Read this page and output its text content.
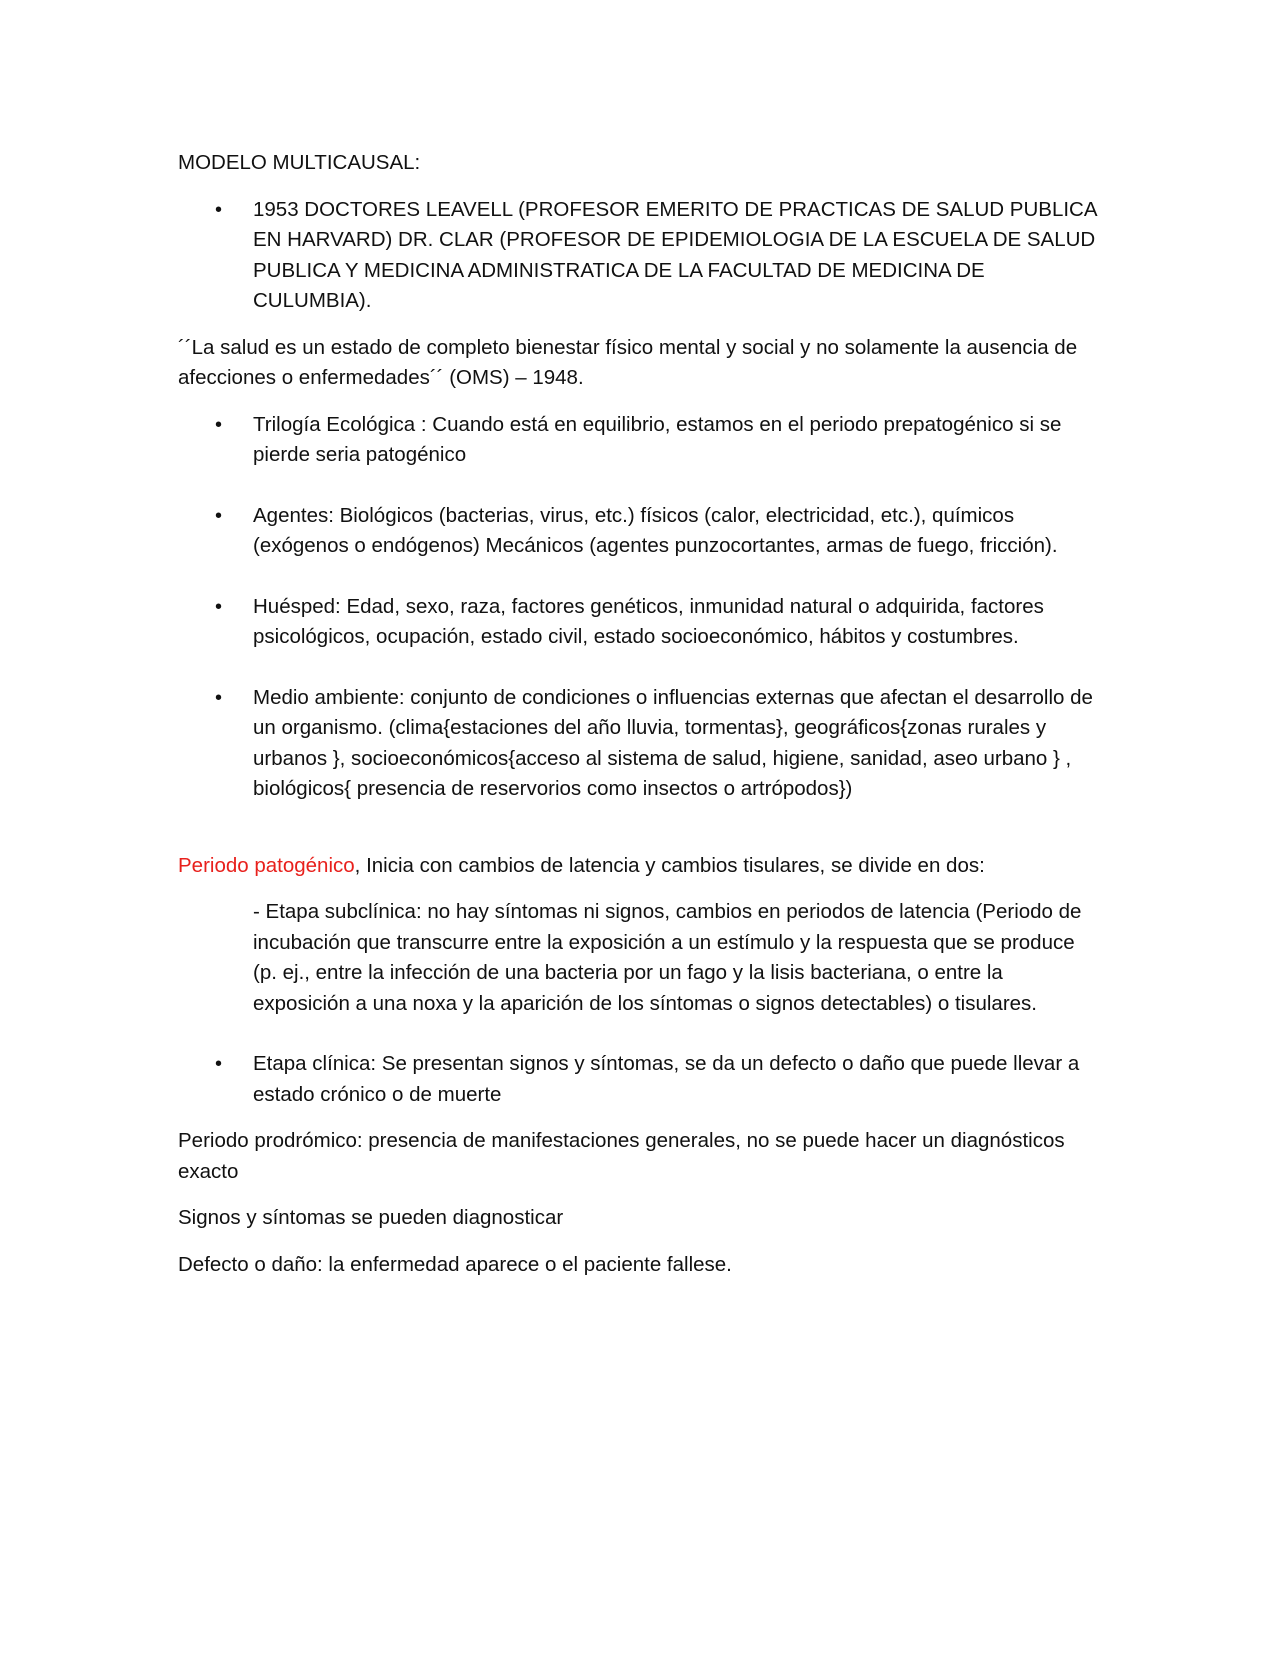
MODELO MULTICAUSAL:

• 1953 DOCTORES LEAVELL (PROFESOR EMERITO DE PRACTICAS DE SALUD PUBLICA EN HARVARD) DR. CLAR (PROFESOR DE EPIDEMIOLOGIA DE LA ESCUELA DE SALUD PUBLICA Y MEDICINA ADMINISTRATICA DE LA FACULTAD DE MEDICINA DE CULUMBIA).

´´La salud es un estado de completo bienestar físico mental y social y no solamente la ausencia de afecciones o enfermedades´´ (OMS) – 1948.

• Trilogía Ecológica : Cuando está en equilibrio, estamos en el periodo prepatogénico si se pierde seria patogénico
• Agentes: Biológicos (bacterias, virus, etc.) físicos (calor, electricidad, etc.), químicos (exógenos o endógenos) Mecánicos (agentes punzocortantes, armas de fuego, fricción).
• Huésped: Edad, sexo, raza, factores genéticos, inmunidad natural o adquirida, factores psicológicos, ocupación, estado civil, estado socioeconómico, hábitos y costumbres.
• Medio ambiente: conjunto de condiciones o influencias externas que afectan el desarrollo de un organismo. (clima{estaciones del año lluvia, tormentas}, geográficos{zonas rurales y urbanos }, socioeconómicos{acceso al sistema de salud, higiene, sanidad, aseo urbano } , biológicos{ presencia de reservorios como insectos o artrópodos})

Periodo patogénico, Inicia con cambios de latencia y cambios tisulares, se divide en dos:

- Etapa subclínica: no hay síntomas ni signos, cambios en periodos de latencia (Periodo de incubación que transcurre entre la exposición a un estímulo y la respuesta que se produce (p. ej., entre la infección de una bacteria por un fago y la lisis bacteriana, o entre la exposición a una noxa y la aparición de los síntomas o signos detectables) o tisulares.
• Etapa clínica: Se presentan signos y síntomas, se da un defecto o daño que puede llevar a estado crónico o de muerte

Periodo prodrómico: presencia de manifestaciones generales, no se puede hacer un diagnósticos exacto

Signos y síntomas se pueden diagnosticar

Defecto o daño: la enfermedad aparece o el paciente fallese.
